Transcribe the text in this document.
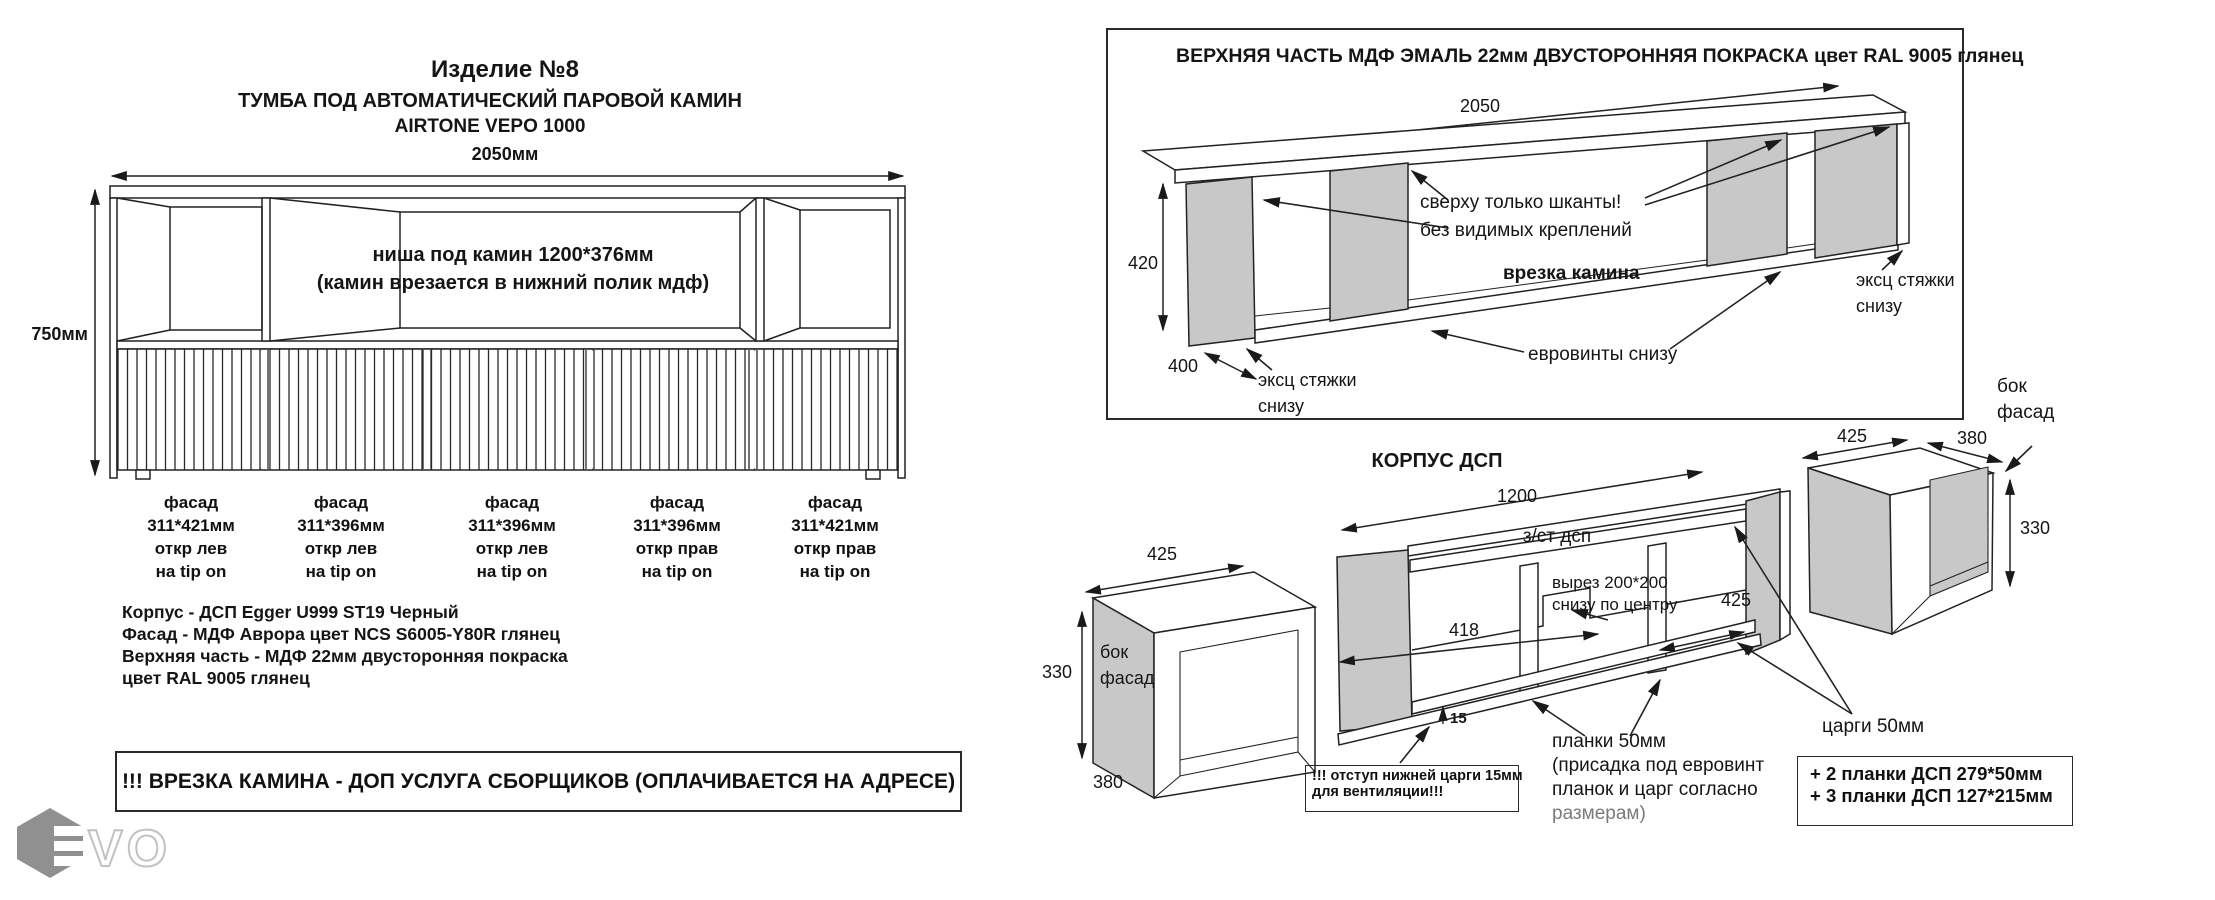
VO
!!! ВРЕЗКА КАМИНА - ДОП УСЛУГА СБОРЩИКОВ (ОПЛАЧИВАЕТСЯ НА АДРЕСЕ)	!!! отступ нижней царги 15мм
для вентиляции!!!
+ 2 планки ДСП 279*50мм
+ 3 планки ДСП 127*215мм
Изделие №8
ТУМБА ПОД АВТОМАТИЧЕСКИЙ ПАРОВОЙ КАМИН
AIRTONE VEPO 1000
2050мм
750мм
ниша под камин 1200*376мм
(камин врезается в нижний полик мдф)
фасад
311*421мм
откр лев
на tip on
фасад
311*396мм
откр лев
на tip on
фасад
311*396мм
откр лев
на tip on
фасад
311*396мм
откр прав
на tip on
фасад
311*421мм
откр прав
на tip on
Корпус - ДСП Egger U999 ST19 Черный
Фасад - МДФ Аврора цвет NCS S6005-Y80R глянец
Верхняя часть - МДФ 22мм двусторонняя покраска
цвет RAL 9005 глянец
ВЕРХНЯЯ ЧАСТЬ МДФ ЭМАЛЬ 22мм ДВУСТОРОННЯЯ ПОКРАСКА цвет RAL 9005 глянец
2050
420
400
сверху только шканты!
без видимых креплений
врезка камина
евровинты снизу
эксц стяжки
снизу
эксц стяжки
снизу
бок
фасад
КОРПУС ДСП
425
330
380
бок
фасад
1200
з/ст дсп
вырез 200*200
снизу по центру
418
425
15
425	380
330
планки 50мм
(присадка под евровинт
планок и царг согласно
размерам)
царги 50мм
